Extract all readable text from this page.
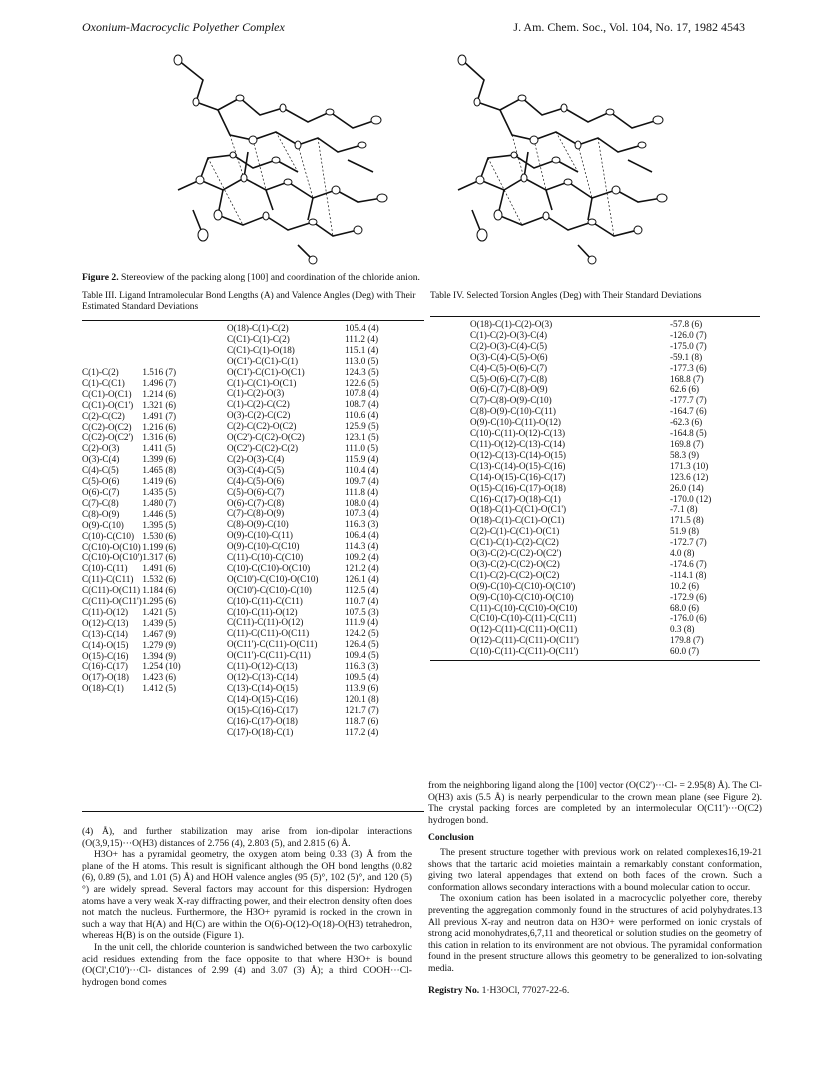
Oxonium-Macrocyclic Polyether Complex	J. Am. Chem. Soc., Vol. 104, No. 17, 1982 4543
Figure 2. Stereoview of the packing along [100] and coordination of the chloride anion.
Table III. Ligand Intramolecular Bond Lengths (A) and Valence Angles (Deg) with Their Estimated Standard Deviations
O(18)-C(1)-C(2)	105.4 (4)
C(C1)-C(1)-C(2)	111.2 (4)
C(C1)-C(1)-O(18)	115.1 (4)
O(C1')-C(C1)-C(1)	113.0 (5)
O(C1')-C(C1)-O(C1)	124.3 (5)
C(1)-C(C1)-O(C1)	122.6 (5)
C(1)-C(2)-O(3)	107.8 (4)
C(1)-C(2)-C(C2)	108.7 (4)
O(3)-C(2)-C(C2)	110.6 (4)
C(2)-C(C2)-O(C2)	125.9 (5)
O(C2')-C(C2)-O(C2)	123.1 (5)
O(C2')-C(C2)-C(2)	111.0 (5)
C(2)-O(3)-C(4)	115.9 (4)
O(3)-C(4)-C(5)	110.4 (4)
C(4)-C(5)-O(6)	109.7 (4)
C(5)-O(6)-C(7)	111.8 (4)
O(6)-C(7)-C(8)	108.0 (4)
C(7)-C(8)-O(9)	107.3 (4)
C(8)-O(9)-C(10)	116.3 (3)
O(9)-C(10)-C(11)	106.4 (4)
O(9)-C(10)-C(C10)	114.3 (4)
C(11)-C(10)-C(C10)	109.2 (4)
C(10)-C(C10)-O(C10)	121.2 (4)
O(C10')-C(C10)-O(C10)	126.1 (4)
O(C10')-C(C10)-C(10)	112.5 (4)
C(10)-C(11)-C(C11)	110.7 (4)
C(10)-C(11)-O(12)	107.5 (3)
C(C11)-C(11)-O(12)	111.9 (4)
C(11)-C(C11)-O(C11)	124.2 (5)
O(C11')-C(C11)-O(C11)	126.4 (5)
O(C11')-C(C11)-C(11)	109.4 (5)
C(11)-O(12)-C(13)	116.3 (3)
O(12)-C(13)-C(14)	109.5 (4)
C(13)-C(14)-O(15)	113.9 (6)
C(14)-O(15)-C(16)	120.1 (8)
O(15)-C(16)-C(17)	121.7 (7)
C(16)-C(17)-O(18)	118.7 (6)
C(17)-O(18)-C(1)	117.2 (4)
C(1)-C(2)	1.516 (7)
C(1)-C(C1)	1.496 (7)
C(C1)-O(C1)	1.214 (6)
C(C1)-O(C1')	1.321 (6)
C(2)-C(C2)	1.491 (7)
C(C2)-O(C2)	1.216 (6)
C(C2)-O(C2')	1.316 (6)
C(2)-O(3)	1.411 (5)
O(3)-C(4)	1.399 (6)
C(4)-C(5)	1.465 (8)
C(5)-O(6)	1.419 (6)
O(6)-C(7)	1.435 (5)
C(7)-C(8)	1.480 (7)
C(8)-O(9)	1.446 (5)
O(9)-C(10)	1.395 (5)
C(10)-C(C10)	1.530 (6)
C(C10)-O(C10)	1.199 (6)
C(C10)-O(C10')	1.317 (6)
C(10)-C(11)	1.491 (6)
C(11)-C(C11)	1.532 (6)
C(C11)-O(C11)	1.184 (6)
C(C11)-O(C11')	1.295 (6)
C(11)-O(12)	1.421 (5)
O(12)-C(13)	1.439 (5)
C(13)-C(14)	1.467 (9)
C(14)-O(15)	1.279 (9)
O(15)-C(16)	1.394 (9)
C(16)-C(17)	1.254 (10)
O(17)-O(18)	1.423 (6)
O(18)-C(1)	1.412 (5)
Table IV. Selected Torsion Angles (Deg) with Their Standard Deviations
O(18)-C(1)-C(2)-O(3)	-57.8 (6)
C(1)-C(2)-O(3)-C(4)	-126.0 (7)
C(2)-O(3)-C(4)-C(5)	-175.0 (7)
O(3)-C(4)-C(5)-O(6)	-59.1 (8)
C(4)-C(5)-O(6)-C(7)	-177.3 (6)
C(5)-O(6)-C(7)-C(8)	168.8 (7)
O(6)-C(7)-C(8)-O(9)	62.6 (6)
C(7)-C(8)-O(9)-C(10)	-177.7 (7)
C(8)-O(9)-C(10)-C(11)	-164.7 (6)
O(9)-C(10)-C(11)-O(12)	-62.3 (6)
C(10)-C(11)-O(12)-C(13)	-164.8 (5)
C(11)-O(12)-C(13)-C(14)	169.8 (7)
O(12)-C(13)-C(14)-O(15)	58.3 (9)
C(13)-C(14)-O(15)-C(16)	171.3 (10)
C(14)-O(15)-C(16)-C(17)	123.6 (12)
O(15)-C(16)-C(17)-O(18)	26.0 (14)
C(16)-C(17)-O(18)-C(1)	-170.0 (12)
O(18)-C(1)-C(C1)-O(C1')	-7.1 (8)
O(18)-C(1)-C(C1)-O(C1)	171.5 (8)
C(2)-C(1)-C(C1)-O(C1)	51.9 (8)
C(C1)-C(1)-C(2)-C(C2)	-172.7 (7)
O(3)-C(2)-C(C2)-O(C2')	4.0 (8)
O(3)-C(2)-C(C2)-O(C2)	-174.6 (7)
C(1)-C(2)-C(C2)-O(C2)	-114.1 (8)
O(9)-C(10)-C(C10)-O(C10')	10.2 (6)
O(9)-C(10)-C(C10)-O(C10)	-172.9 (6)
C(11)-C(10)-C(C10)-O(C10)	68.0 (6)
C(C10)-C(10)-C(11)-C(C11)	-176.0 (6)
O(12)-C(11)-C(C11)-O(C11)	0.3 (8)
O(12)-C(11)-C(C11)-O(C11')	179.8 (7)
C(10)-C(11)-C(C11)-O(C11')	60.0 (7)

(4) Å), and further stabilization may arise from ion-dipolar interactions (O(3,9,15)···O(H3) distances of 2.756 (4), 2.803 (5), and 2.815 (6) Å.

H3O+ has a pyramidal geometry, the oxygen atom being 0.33 (3) Å from the plane of the H atoms. This result is significant although the OH bond lengths (0.82 (6), 0.89 (5), and 1.01 (5) Å) and HOH valence angles (95 (5)°, 102 (5)°, and 120 (5)°) are widely spread. Several factors may account for this dispersion: Hydrogen atoms have a very weak X-ray diffracting power, and their electron density often does not match the nucleus. Furthermore, the H3O+ pyramid is rocked in the crown in such a way that H(A) and H(C) are within the O(6)-O(12)-O(18)-O(H3) tetrahedron, whereas H(B) is on the outside (Figure 1).

In the unit cell, the chloride counterion is sandwiched between the two carboxylic acid residues extending from the face opposite to that where H3O+ is bound (O(Cl',C10')···Cl- distances of 2.99 (4) and 3.07 (3) Å); a third COOH···Cl- hydrogen bond comes

from the neighboring ligand along the [100] vector (O(C2')···Cl- = 2.95(8) Å). The Cl-O(H3) axis (5.5 Å) is nearly perpendicular to the crown mean plane (see Figure 2). The crystal packing forces are completed by an intermolecular O(C11')···O(C2) hydrogen bond.

Conclusion

The present structure together with previous work on related complexes16,19-21 shows that the tartaric acid moieties maintain a remarkably constant conformation, giving two lateral appendages that extend on both faces of the crown. Such a conformation allows secondary interactions with a bound molecular cation to occur.

The oxonium cation has been isolated in a macrocyclic polyether core, thereby preventing the aggregation commonly found in the structures of acid polyhydrates.13 All previous X-ray and neutron data on H3O+ were performed on ionic crystals of strong acid monohydrates,6,7,11 and theoretical or solution studies on the geometry of this cation in relation to its environment are not obvious. The pyramidal conformation found in the present structure allows this geometry to be generalized to ion-solvating media.

Registry No. 1·H3OCl, 77027-22-6.
